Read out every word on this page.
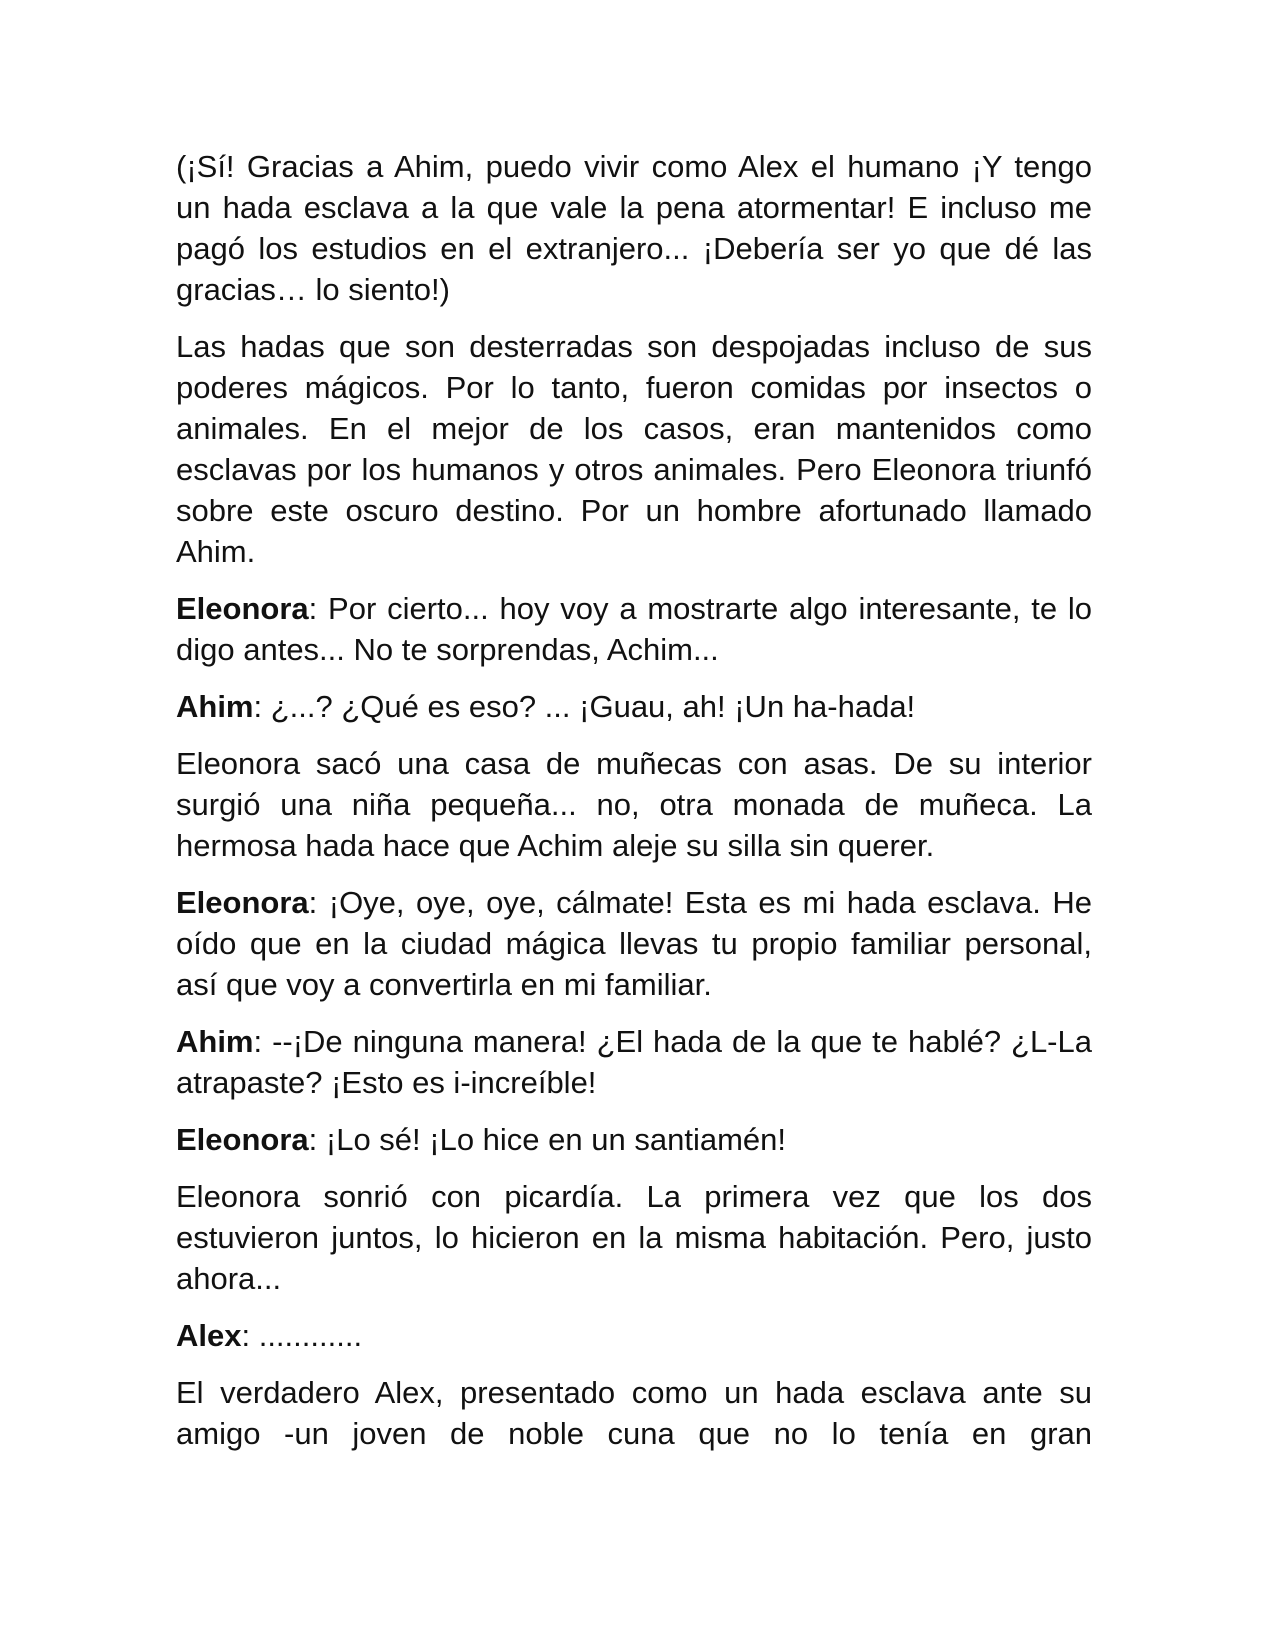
(¡Sí! Gracias a Ahim, puedo vivir como Alex el humano ¡Y tengo un hada esclava a la que vale la pena atormentar! E incluso me pagó los estudios en el extranjero... ¡Debería ser yo que dé las gracias… lo siento!)

Las hadas que son desterradas son despojadas incluso de sus poderes mágicos. Por lo tanto, fueron comidas por insectos o animales. En el mejor de los casos, eran mantenidos como esclavas por los humanos y otros animales. Pero Eleonora triunfó sobre este oscuro destino. Por un hombre afortunado llamado Ahim.

Eleonora: Por cierto... hoy voy a mostrarte algo interesante, te lo digo antes... No te sorprendas, Achim...

Ahim: ¿...? ¿Qué es eso? ... ¡Guau, ah! ¡Un ha-hada!

Eleonora sacó una casa de muñecas con asas. De su interior surgió una niña pequeña... no, otra monada de muñeca. La hermosa hada hace que Achim aleje su silla sin querer.

Eleonora: ¡Oye, oye, oye, cálmate! Esta es mi hada esclava. He oído que en la ciudad mágica llevas tu propio familiar personal, así que voy a convertirla en mi familiar.

Ahim: --¡De ninguna manera! ¿El hada de la que te hablé? ¿L-La atrapaste? ¡Esto es i-increíble!

Eleonora: ¡Lo sé! ¡Lo hice en un santiamén!

Eleonora sonrió con picardía. La primera vez que los dos estuvieron juntos, lo hicieron en la misma habitación. Pero, justo ahora...

Alex: ............

El verdadero Alex, presentado como un hada esclava ante su amigo -un joven de noble cuna que no lo tenía en gran
